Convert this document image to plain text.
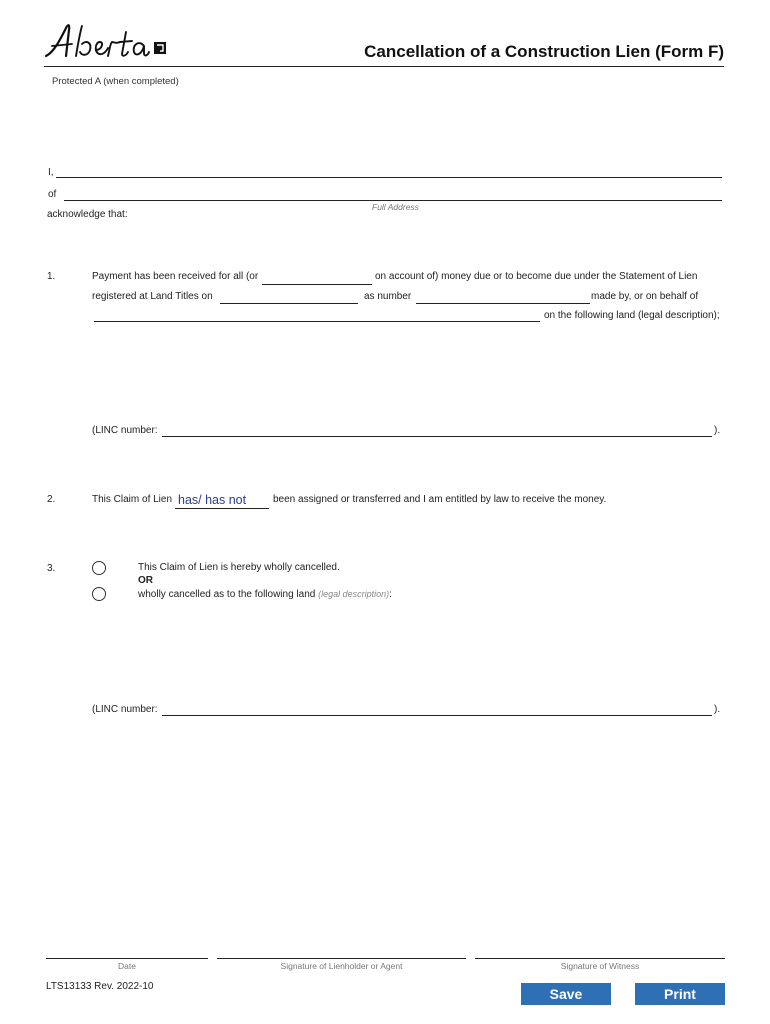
Cancellation of a Construction Lien (Form F)
Protected A (when completed)
I,
of
Full Address
acknowledge that:
1.	Payment has been received for all (or	on account of) money due or to become due under the Statement of Lien
registered at Land Titles on	as number	made by, or on behalf of
on the following land (legal description);
(LINC number:	).
2.	This Claim of Lien has/ has not	been assigned or transferred and I am entitled by law to receive the money.
3.	This Claim of Lien is hereby wholly cancelled.
OR
wholly cancelled as to the following land (legal description):
(LINC number:	).
Date	Signature of Lienholder or Agent	Signature of Witness
LTS13133 Rev. 2022-10	Save	Print
